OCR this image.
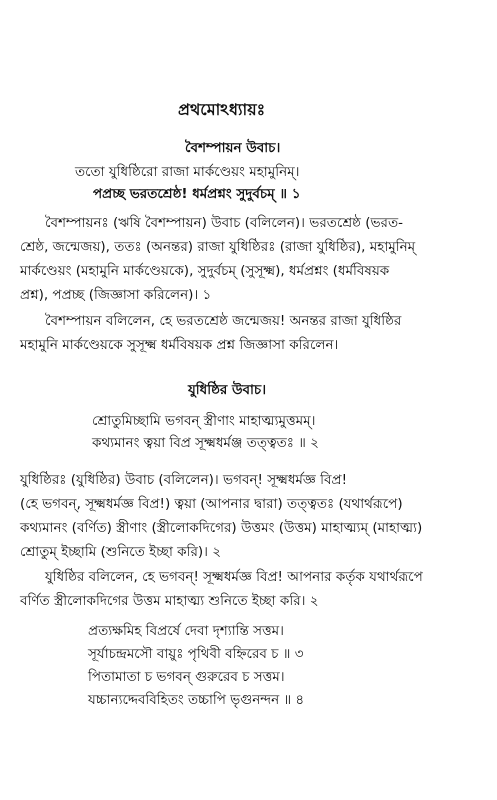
প্রথমোঽধ্যায়ঃ

বৈশম্পায়ন উবাচ।

ততো যুধিষ্ঠিরো রাজা মার্কণ্ডেয়ং মহামুনিম্।

পপ্রচ্ছ ভরতশ্রেষ্ঠ! ধর্মপ্রশ্নং সুদুর্বচম্ ॥ ১

বৈশম্পায়নঃ (ঋষি বৈশম্পায়ন) উবাচ (বলিলেন)। ভরতশ্রেষ্ঠ (ভরত-

শ্রেষ্ঠ, জন্মেজয়), ততঃ (অনন্তর) রাজা যুধিষ্ঠিরঃ (রাজা যুধিষ্ঠির), মহামুনিম্

মার্কণ্ডেয়ং (মহামুনি মার্কণ্ডেয়কে), সুদুর্বচম্ (সুসূক্ষ্ম), ধর্মপ্রশ্নং (ধর্মবিষয়ক

প্রশ্ন), পপ্রচ্ছ (জিজ্ঞাসা করিলেন)। ১

বৈশম্পায়ন বলিলেন, হে ভরতশ্রেষ্ঠ জন্মেজয়! অনন্তর রাজা যুধিষ্ঠির

মহামুনি মার্কণ্ডেয়কে সুসূক্ষ্ম ধর্মবিষয়ক প্রশ্ন জিজ্ঞাসা করিলেন।

যুধিষ্ঠির উবাচ।

শ্রোতুমিচ্ছামি ভগবন্ স্ত্রীণাং মাহাত্ম্যমুত্তমম্।

কথ্যমানং ত্বয়া বিপ্র সূক্ষ্মধর্মঞ্জ তত্ত্বতঃ ॥ ২

যুধিষ্ঠিরঃ (যুধিষ্ঠির) উবাচ (বলিলেন)। ভগবন্! সূক্ষ্মধর্মজ্ঞ বিপ্র!

(হে ভগবন্, সূক্ষ্মধর্মজ্ঞ বিপ্র!) ত্বয়া (আপনার দ্বারা) তত্ত্বতঃ (যথার্থরূপে)

কথ্যমানং (বর্ণিত) স্ত্রীণাং (স্ত্রীলোকদিগের) উত্তমং (উত্তম) মাহাত্ম্যম্ (মাহাত্ম্য)

শ্রোতুম্ ইচ্ছামি (শুনিতে ইচ্ছা করি)। ২

যুধিষ্ঠির বলিলেন, হে ভগবন্! সূক্ষ্মধর্মজ্ঞ বিপ্র! আপনার কর্তৃক যথার্থরূপে

বর্ণিত স্ত্রীলোকদিগের উত্তম মাহাত্ম্য শুনিতে ইচ্ছা করি। ২

প্রত্যক্ষমিহ বিপ্রর্ষে দেবা দৃশ্যান্তি সত্তম।

সূর্যাচন্দ্রমসৌ বায়ুঃ পৃথিবী বহ্নিরেব চ ॥ ৩

পিতামাতা চ ভগবন্ গুরুরেব চ সত্তম।

যচ্চান্যদ্দেববিহিতং তচ্চাপি ভৃগুনন্দন ॥ ৪
